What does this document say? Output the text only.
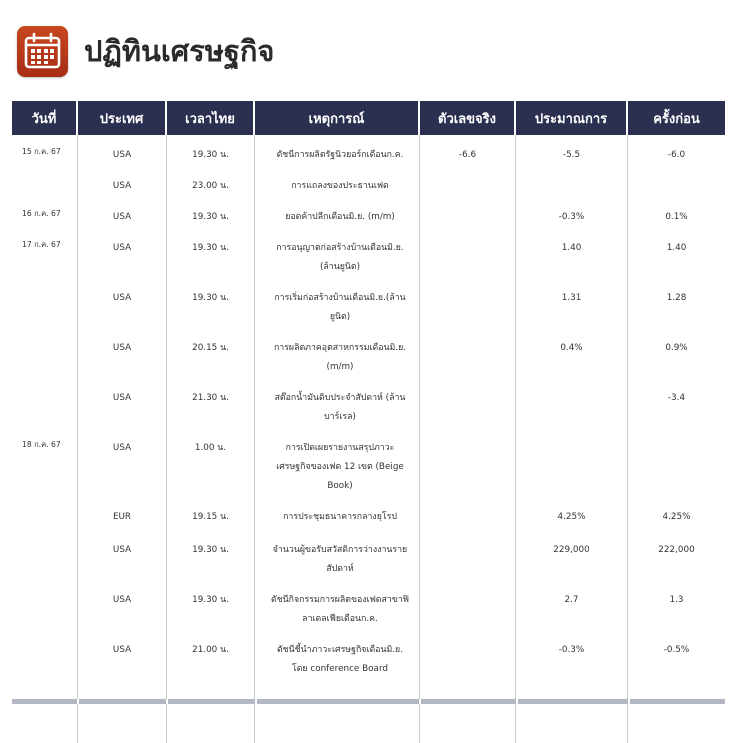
ปฏิทินเศรษฐกิจ
วันที่	ประเทศ	เวลาไทย	เหตุการณ์	ตัวเลขจริง	ประมาณการ	ครั้งก่อน
15 ก.ค. 67	USA	19.30 น.	ดัชนีการผลิตรัฐนิวยอร์กเดือนก.ค.	-6.6	-5.5	-6.0
	USA	23.00 น.	การแถลงของประธานเฟด			
16 ก.ค. 67	USA	19.30 น.	ยอดค้าปลีกเดือนมิ.ย. (m/m)		-0.3%	0.1%
17 ก.ค. 67	USA	19.30 น.	การอนุญาตก่อสร้างบ้านเดือนมิ.ย.(ล้านยูนิต)		1.40	1.40
	USA	19.30 น.	การเริ่มก่อสร้างบ้านเดือนมิ.ย.(ล้านยูนิต)		1.31	1.28
	USA	20.15 น.	การผลิตภาคอุตสาหกรรมเดือนมิ.ย.(m/m)		0.4%	0.9%
	USA	21.30 น.	สต๊อกน้ำมันดิบประจำสัปดาห์ (ล้านบาร์เรล)			-3.4
18 ก.ค. 67	USA	1.00 น.	การเปิดเผยรายงานสรุปภาวะเศรษฐกิจของเฟด 12 เขต (Beige Book)			
	EUR	19.15 น.	การประชุมธนาคารกลางยุโรป		4.25%	4.25%
	USA	19.30 น.	จำนวนผู้ขอรับสวัสดิการว่างงานรายสัปดาห์		229,000	222,000
	USA	19.30 น.	ดัชนีกิจกรรมการผลิตของเฟดสาขาฟิลาเดลเฟียเดือนก.ค.		2.7	1.3
	USA	21.00 น.	ดัชนีชี้นำภาวะเศรษฐกิจเดือนมิ.ย. โดย conference Board		-0.3%	-0.5%
